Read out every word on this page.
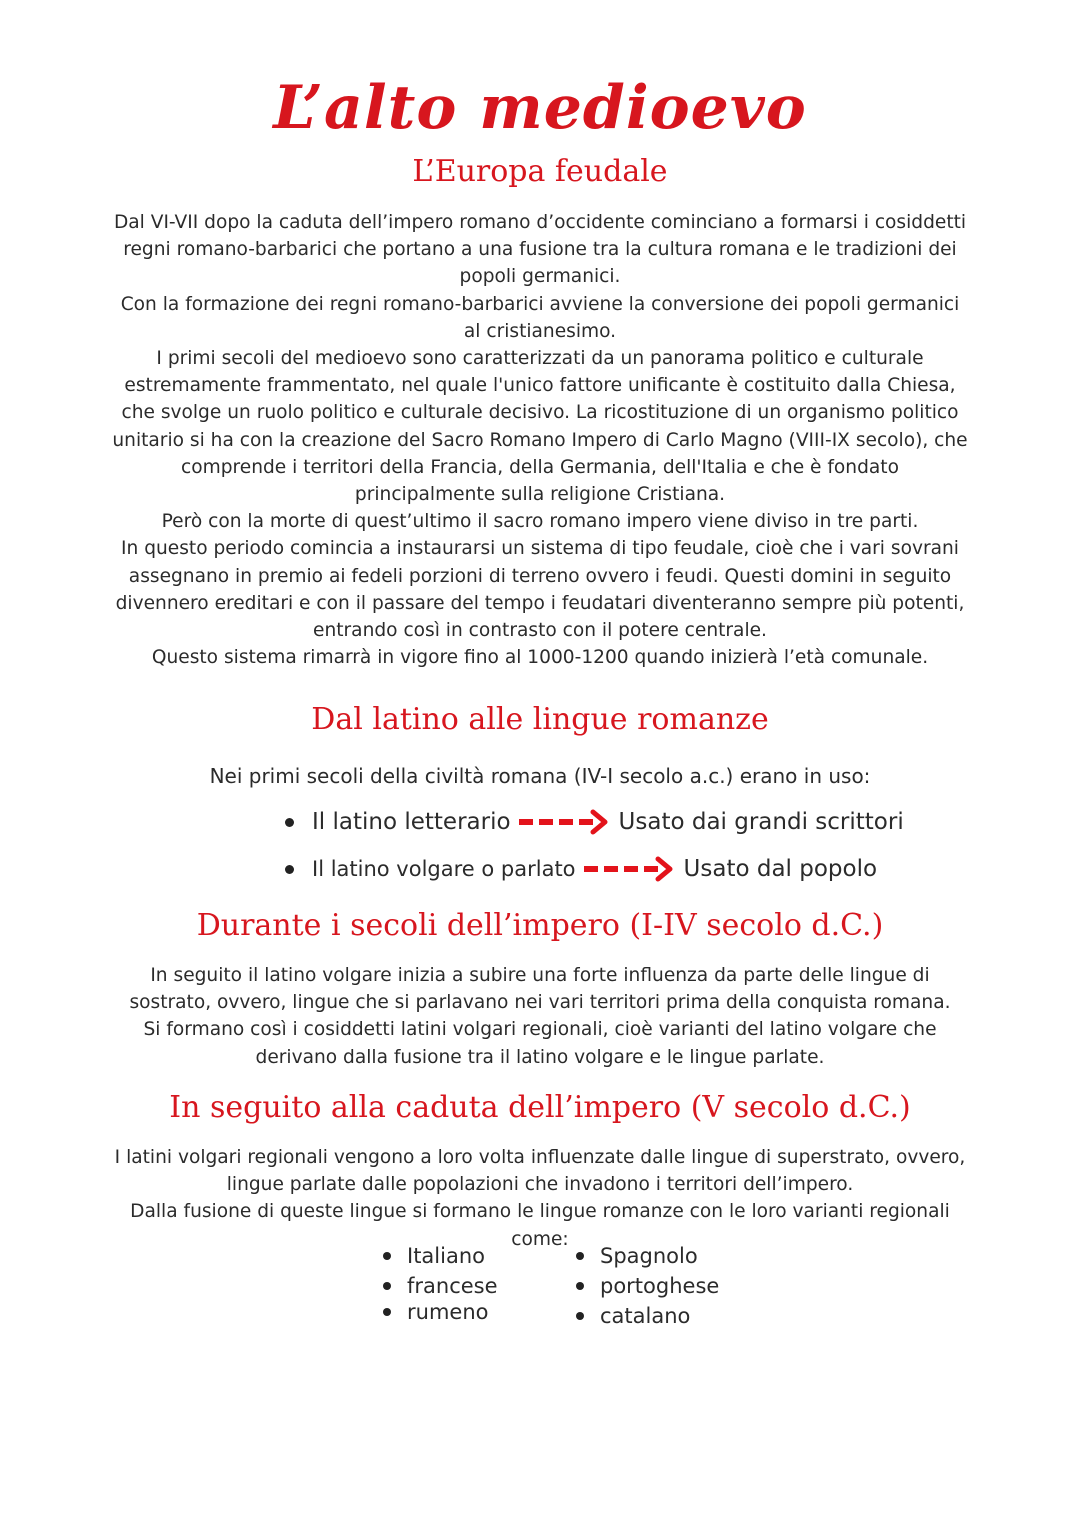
L’alto medioevo
L’Europa feudale

Dal VI-VII dopo la caduta dell’impero romano d’occidente cominciano a formarsi i cosiddetti regni romano-barbarici che portano a una fusione tra la cultura romana e le tradizioni dei popoli germanici.

Con la formazione dei regni romano-barbarici avviene la conversione dei popoli germanici al cristianesimo.

I primi secoli del medioevo sono caratterizzati da un panorama politico e culturale estremamente frammentato, nel quale l'unico fattore unificante è costituito dalla Chiesa, che svolge un ruolo politico e culturale decisivo. La ricostituzione di un organismo politico unitario si ha con la creazione del Sacro Romano Impero di Carlo Magno (VIII-IX secolo), che comprende i territori della Francia, della Germania, dell'Italia e che è fondato principalmente sulla religione Cristiana.

Però con la morte di quest’ultimo il sacro romano impero viene diviso in tre parti.

In questo periodo comincia a instaurarsi un sistema di tipo feudale, cioè che i vari sovrani assegnano in premio ai fedeli porzioni di terreno ovvero i feudi. Questi domini in seguito divennero ereditari e con il passare del tempo i feudatari diventeranno sempre più potenti, entrando così in contrasto con il potere centrale.

Questo sistema rimarrà in vigore fino al 1000-1200 quando inizierà l’età comunale.

Dal latino alle lingue romanze
Nei primi secoli della civiltà romana (IV-I secolo a.c.) erano in uso:
Il latino letterario	Usato dai grandi scrittori
Il latino volgare o parlato	Usato dal popolo
Durante i secoli dell’impero (I-IV secolo d.C.)

In seguito il latino volgare inizia a subire una forte influenza da parte delle lingue di sostrato, ovvero, lingue che si parlavano nei vari territori prima della conquista romana.

Si formano così i cosiddetti latini volgari regionali, cioè varianti del latino volgare che derivano dalla fusione tra il latino volgare e le lingue parlate.

In seguito alla caduta dell’impero (V secolo d.C.)

I latini volgari regionali vengono a loro volta influenzate dalle lingue di superstrato, ovvero, lingue parlate dalle popolazioni che invadono i territori dell’impero.

Dalla fusione di queste lingue si formano le lingue romanze con le loro varianti regionali come:

Italiano
francese
rumeno
Spagnolo
portoghese
catalano
